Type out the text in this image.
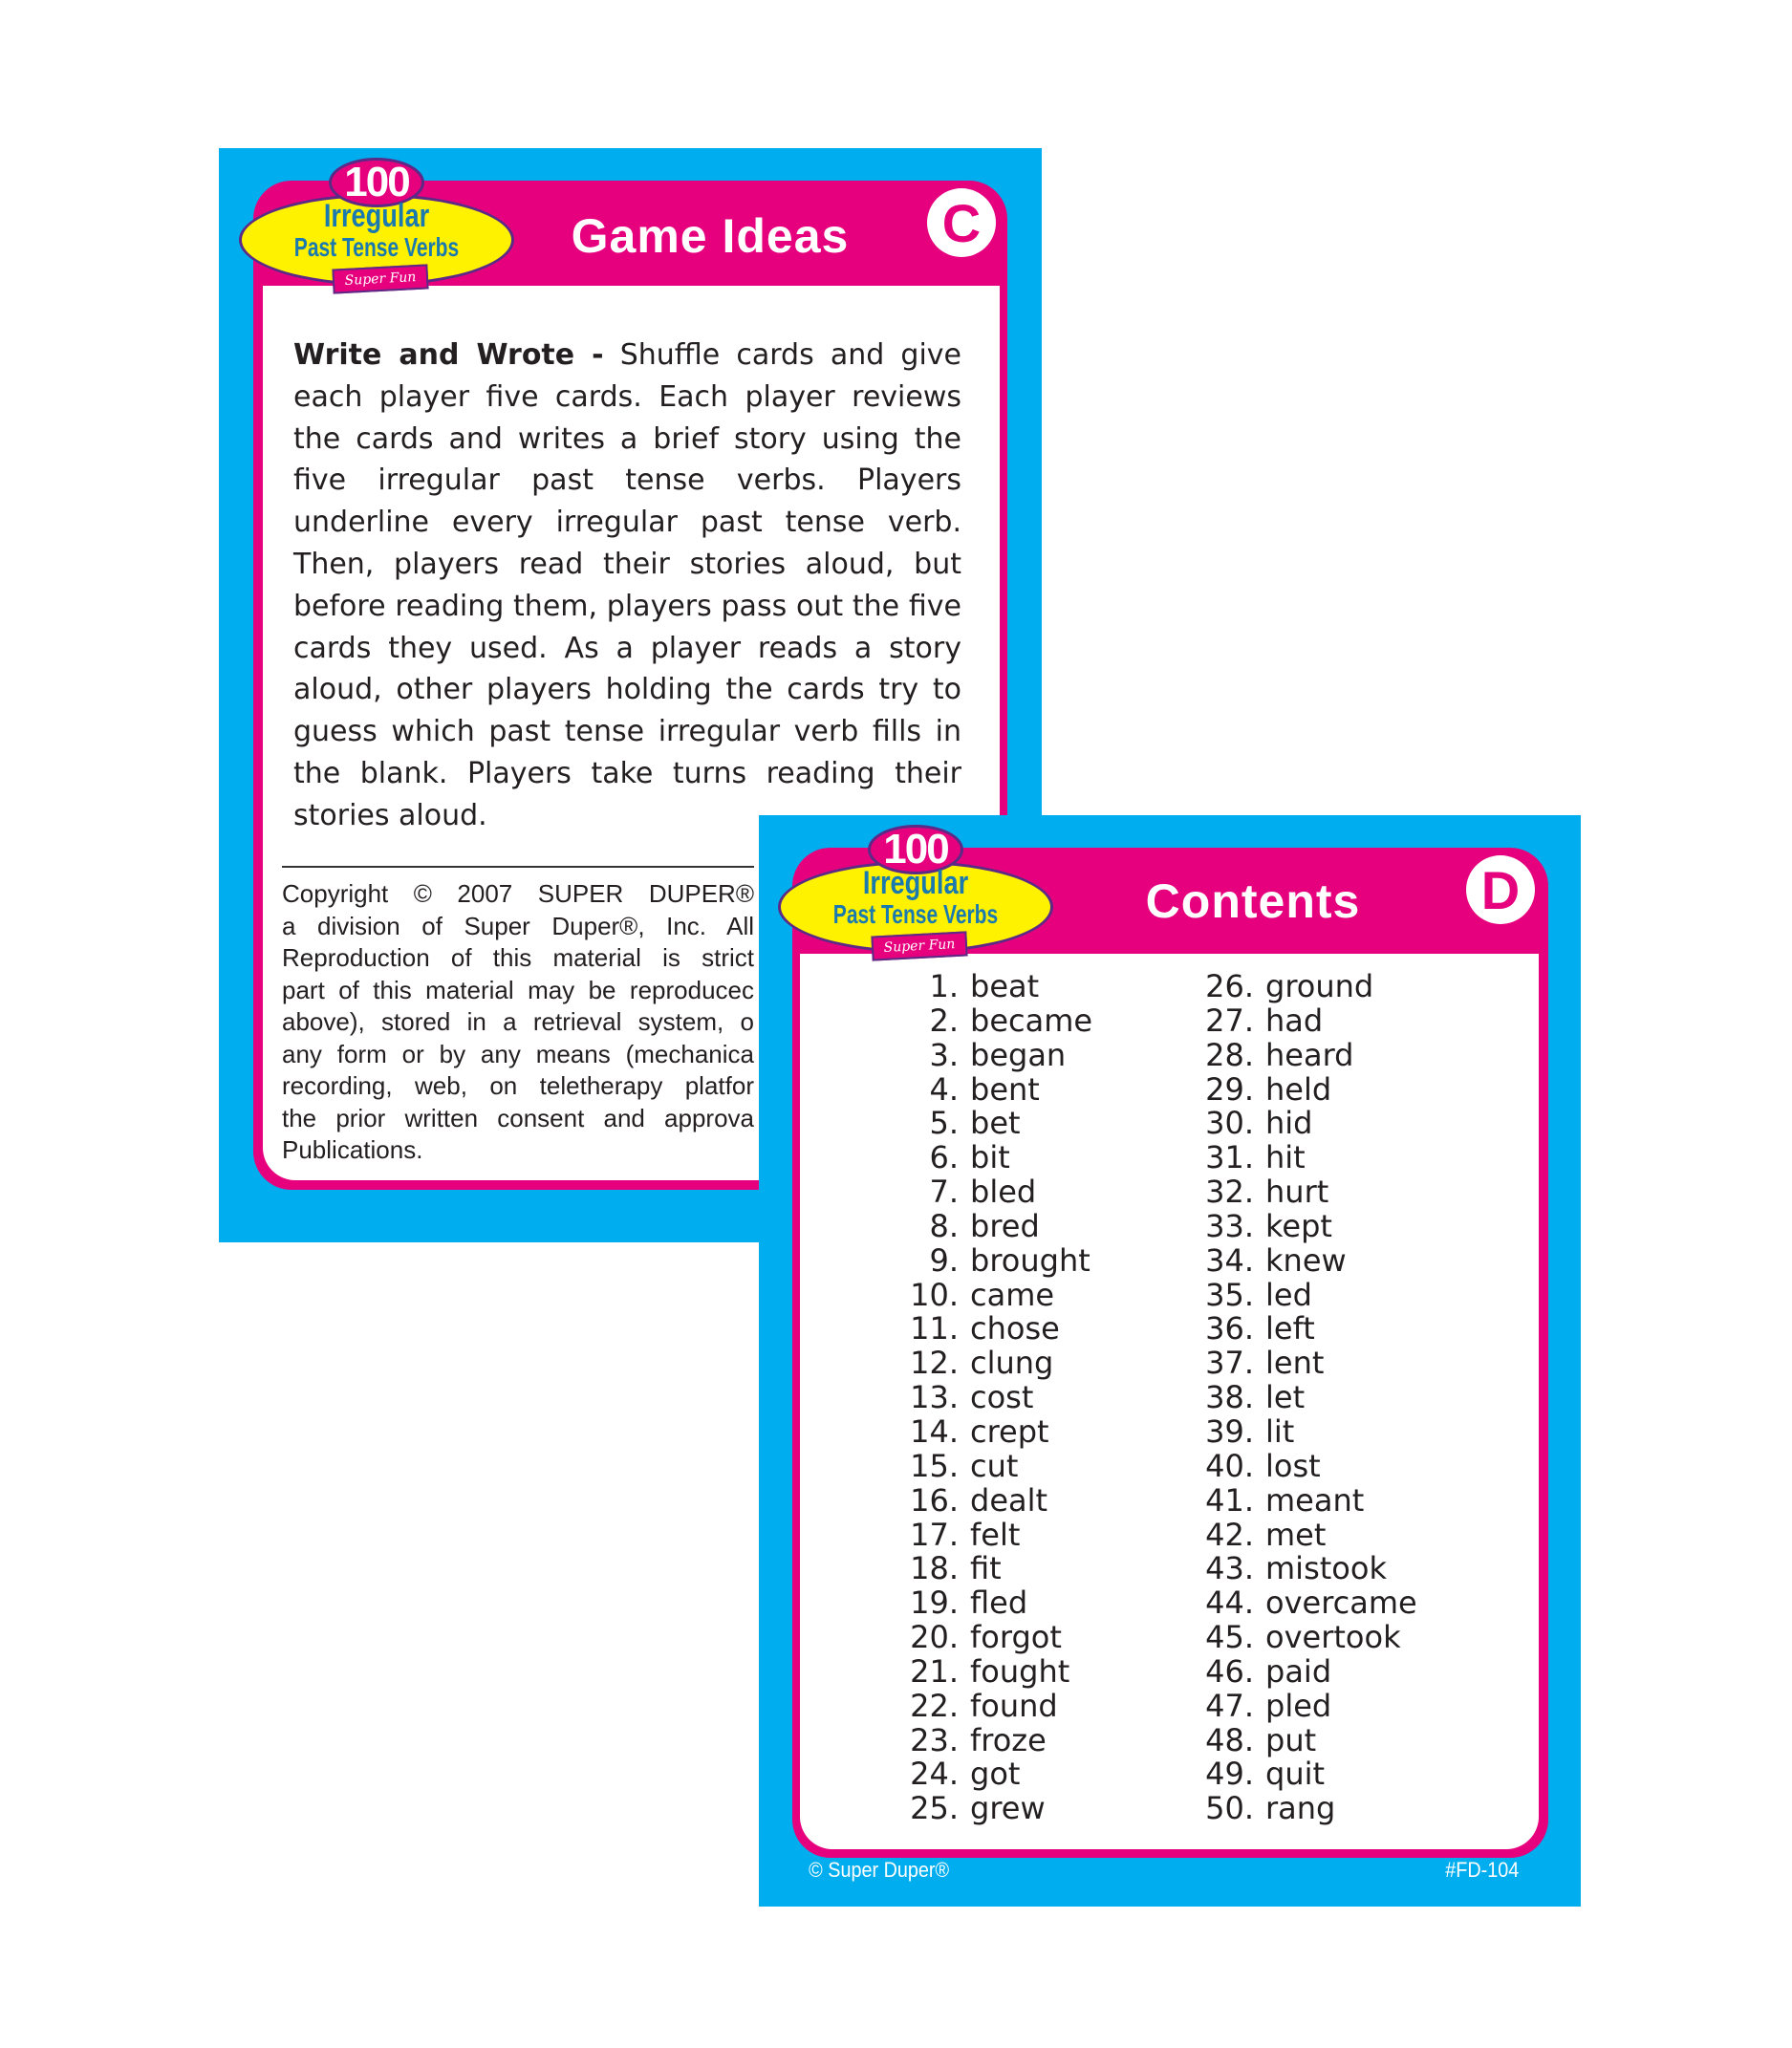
100
Irregular
Past Tense Verbs
Super Fun Deck®
Game Ideas C
Write and Wrote - Shuffle cards and give each player five cards. Each player reviews the cards and writes a brief story using the five irregular past tense verbs. Players underline every irregular past tense verb. Then, players read their stories aloud, but before reading them, players pass out the five cards they used. As a player reads a story aloud, other players holding the cards try to guess which past tense irregular verb fills in the blank. Players take turns reading their stories aloud.
100
Irregular
Past Tense Verbs
Super Fun Deck®
Contents D
1. beat
2. became
3. began
4. bent
5. bet
6. bit
7. bled
8. bred
9. brought
10. came
11. chose
12. clung
13. cost
14. crept
15. cut
16. dealt
17. felt
18. fit
19. fled
20. forgot
21. fought
22. found
23. froze
24. got
25. grew
26. ground
27. had
28. heard
29. held
30. hid
31. hit
32. hurt
33. kept
34. knew
35. led
36. left
37. lent
38. let
39. lit
40. lost
41. meant
42. met
43. mistook
44. overcame
45. overtook
46. paid
47. pled
48. put
49. quit
50. rang
© Super Duper®	#FD-104
Copyright © 2007 SUPER DUPER®
a division of Super Duper®, Inc. All
Reproduction of this material is strict
part of this material may be reproducec
above), stored in a retrieval system, o
any form or by any means (mechanica
recording, web, on teletherapy platfor
the prior written consent and approva
Publications.
